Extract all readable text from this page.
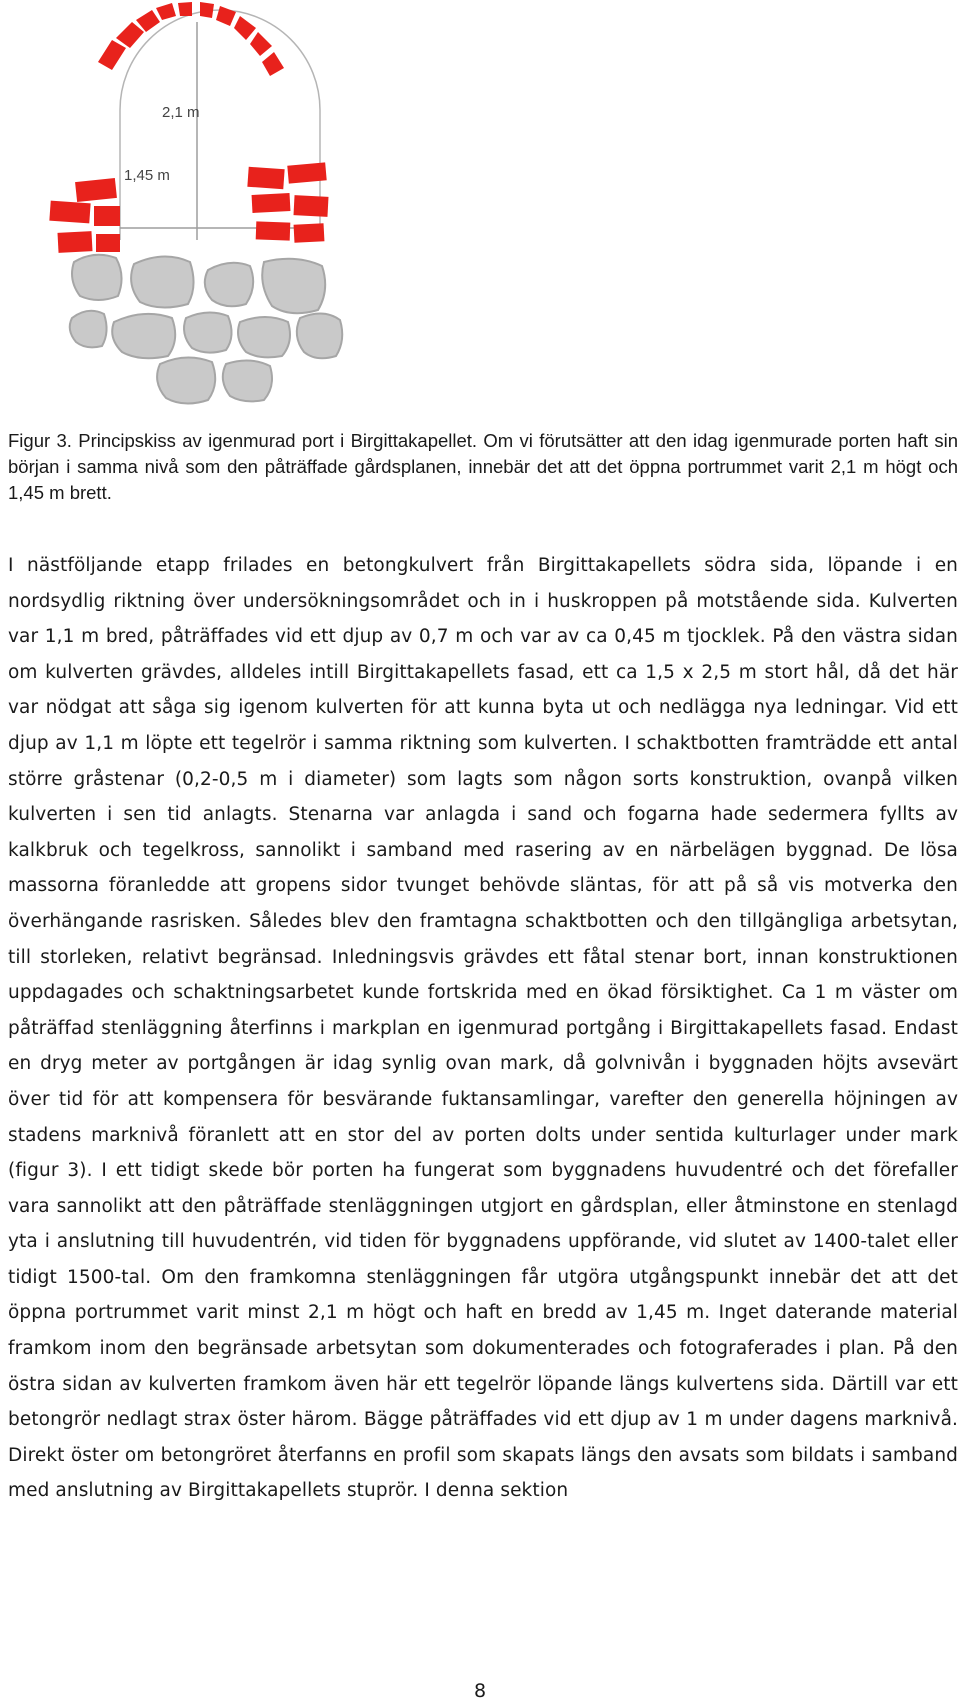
2,1 m
1,45 m

Figur 3. Principskiss av igenmurad port i Birgittakapellet. Om vi förutsätter att den idag igenmurade porten haft sin början i samma nivå som den påträffade gårdsplanen, innebär det att det öppna portrummet varit 2,1 m högt och 1,45 m brett.

I nästföljande etapp frilades en betongkulvert från Birgittakapellets södra sida, löpande i en nordsydlig riktning över undersökningsområdet och in i huskroppen på motstående sida. Kulverten var 1,1 m bred, påträffades vid ett djup av 0,7 m och var av ca 0,45 m tjocklek. På den västra sidan om kulverten grävdes, alldeles intill Birgittakapellets fasad, ett ca 1,5 x 2,5 m stort hål, då det här var nödgat att såga sig igenom kulverten för att kunna byta ut och nedlägga nya ledningar. Vid ett djup av 1,1 m löpte ett tegelrör i samma riktning som kulverten. I schaktbotten framträdde ett antal större gråstenar (0,2-0,5 m i diameter) som lagts som någon sorts konstruktion, ovanpå vilken kulverten i sen tid anlagts. Stenarna var anlagda i sand och fogarna hade sedermera fyllts av kalkbruk och tegelkross, sannolikt i samband med rasering av en närbelägen byggnad. De lösa massorna föranledde att gropens sidor tvunget behövde släntas, för att på så vis motverka den överhängande rasrisken. Således blev den framtagna schaktbotten och den tillgängliga arbetsytan, till storleken, relativt begränsad. Inledningsvis grävdes ett fåtal stenar bort, innan konstruktionen uppdagades och schaktningsarbetet kunde fortskrida med en ökad försiktighet. Ca 1 m väster om påträffad stenläggning återfinns i markplan en igenmurad portgång i Birgittakapellets fasad. Endast en dryg meter av portgången är idag synlig ovan mark, då golvnivån i byggnaden höjts avsevärt över tid för att kompensera för besvärande fuktansamlingar, varefter den generella höjningen av stadens marknivå föranlett att en stor del av porten dolts under sentida kulturlager under mark (figur 3). I ett tidigt skede bör porten ha fungerat som byggnadens huvudentré och det förefaller vara sannolikt att den påträffade stenläggningen utgjort en gårdsplan, eller åtminstone en stenlagd yta i anslutning till huvudentrén, vid tiden för byggnadens uppförande, vid slutet av 1400-talet eller tidigt 1500-tal. Om den framkomna stenläggningen får utgöra utgångspunkt innebär det att det öppna portrummet varit minst 2,1 m högt och haft en bredd av 1,45 m. Inget daterande material framkom inom den begränsade arbetsytan som dokumenterades och fotograferades i plan. På den östra sidan av kulverten framkom även här ett tegelrör löpande längs kulvertens sida. Därtill var ett betongrör nedlagt strax öster härom. Bägge påträffades vid ett djup av 1 m under dagens marknivå. Direkt öster om betongröret återfanns en profil som skapats längs den avsats som bildats i samband med anslutning av Birgittakapellets stuprör. I denna sektion

8
